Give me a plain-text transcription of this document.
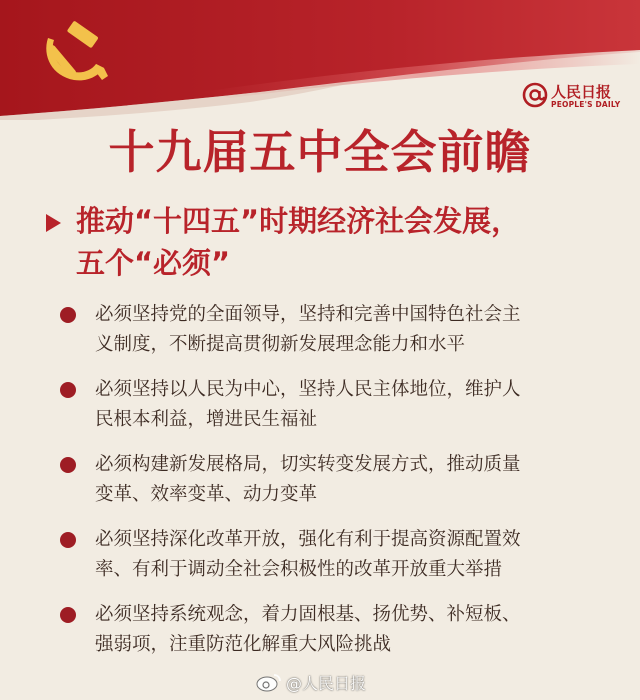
人民日报
PEOPLE'S DAILY
十九届五中全会前瞻
推动“十四五”时期经济社会发展，
五个“必须”
必须坚持党的全面领导，坚持和完善中国特色社会主
义制度，不断提高贯彻新发展理念能力和水平
必须坚持以人民为中心，坚持人民主体地位，维护人
民根本利益，增进民生福祉
必须构建新发展格局，切实转变发展方式，推动质量
变革、效率变革、动力变革
必须坚持深化改革开放，强化有利于提高资源配置效
率、有利于调动全社会积极性的改革开放重大举措
必须坚持系统观念，着力固根基、扬优势、补短板、
强弱项，注重防范化解重大风险挑战
@人民日报
